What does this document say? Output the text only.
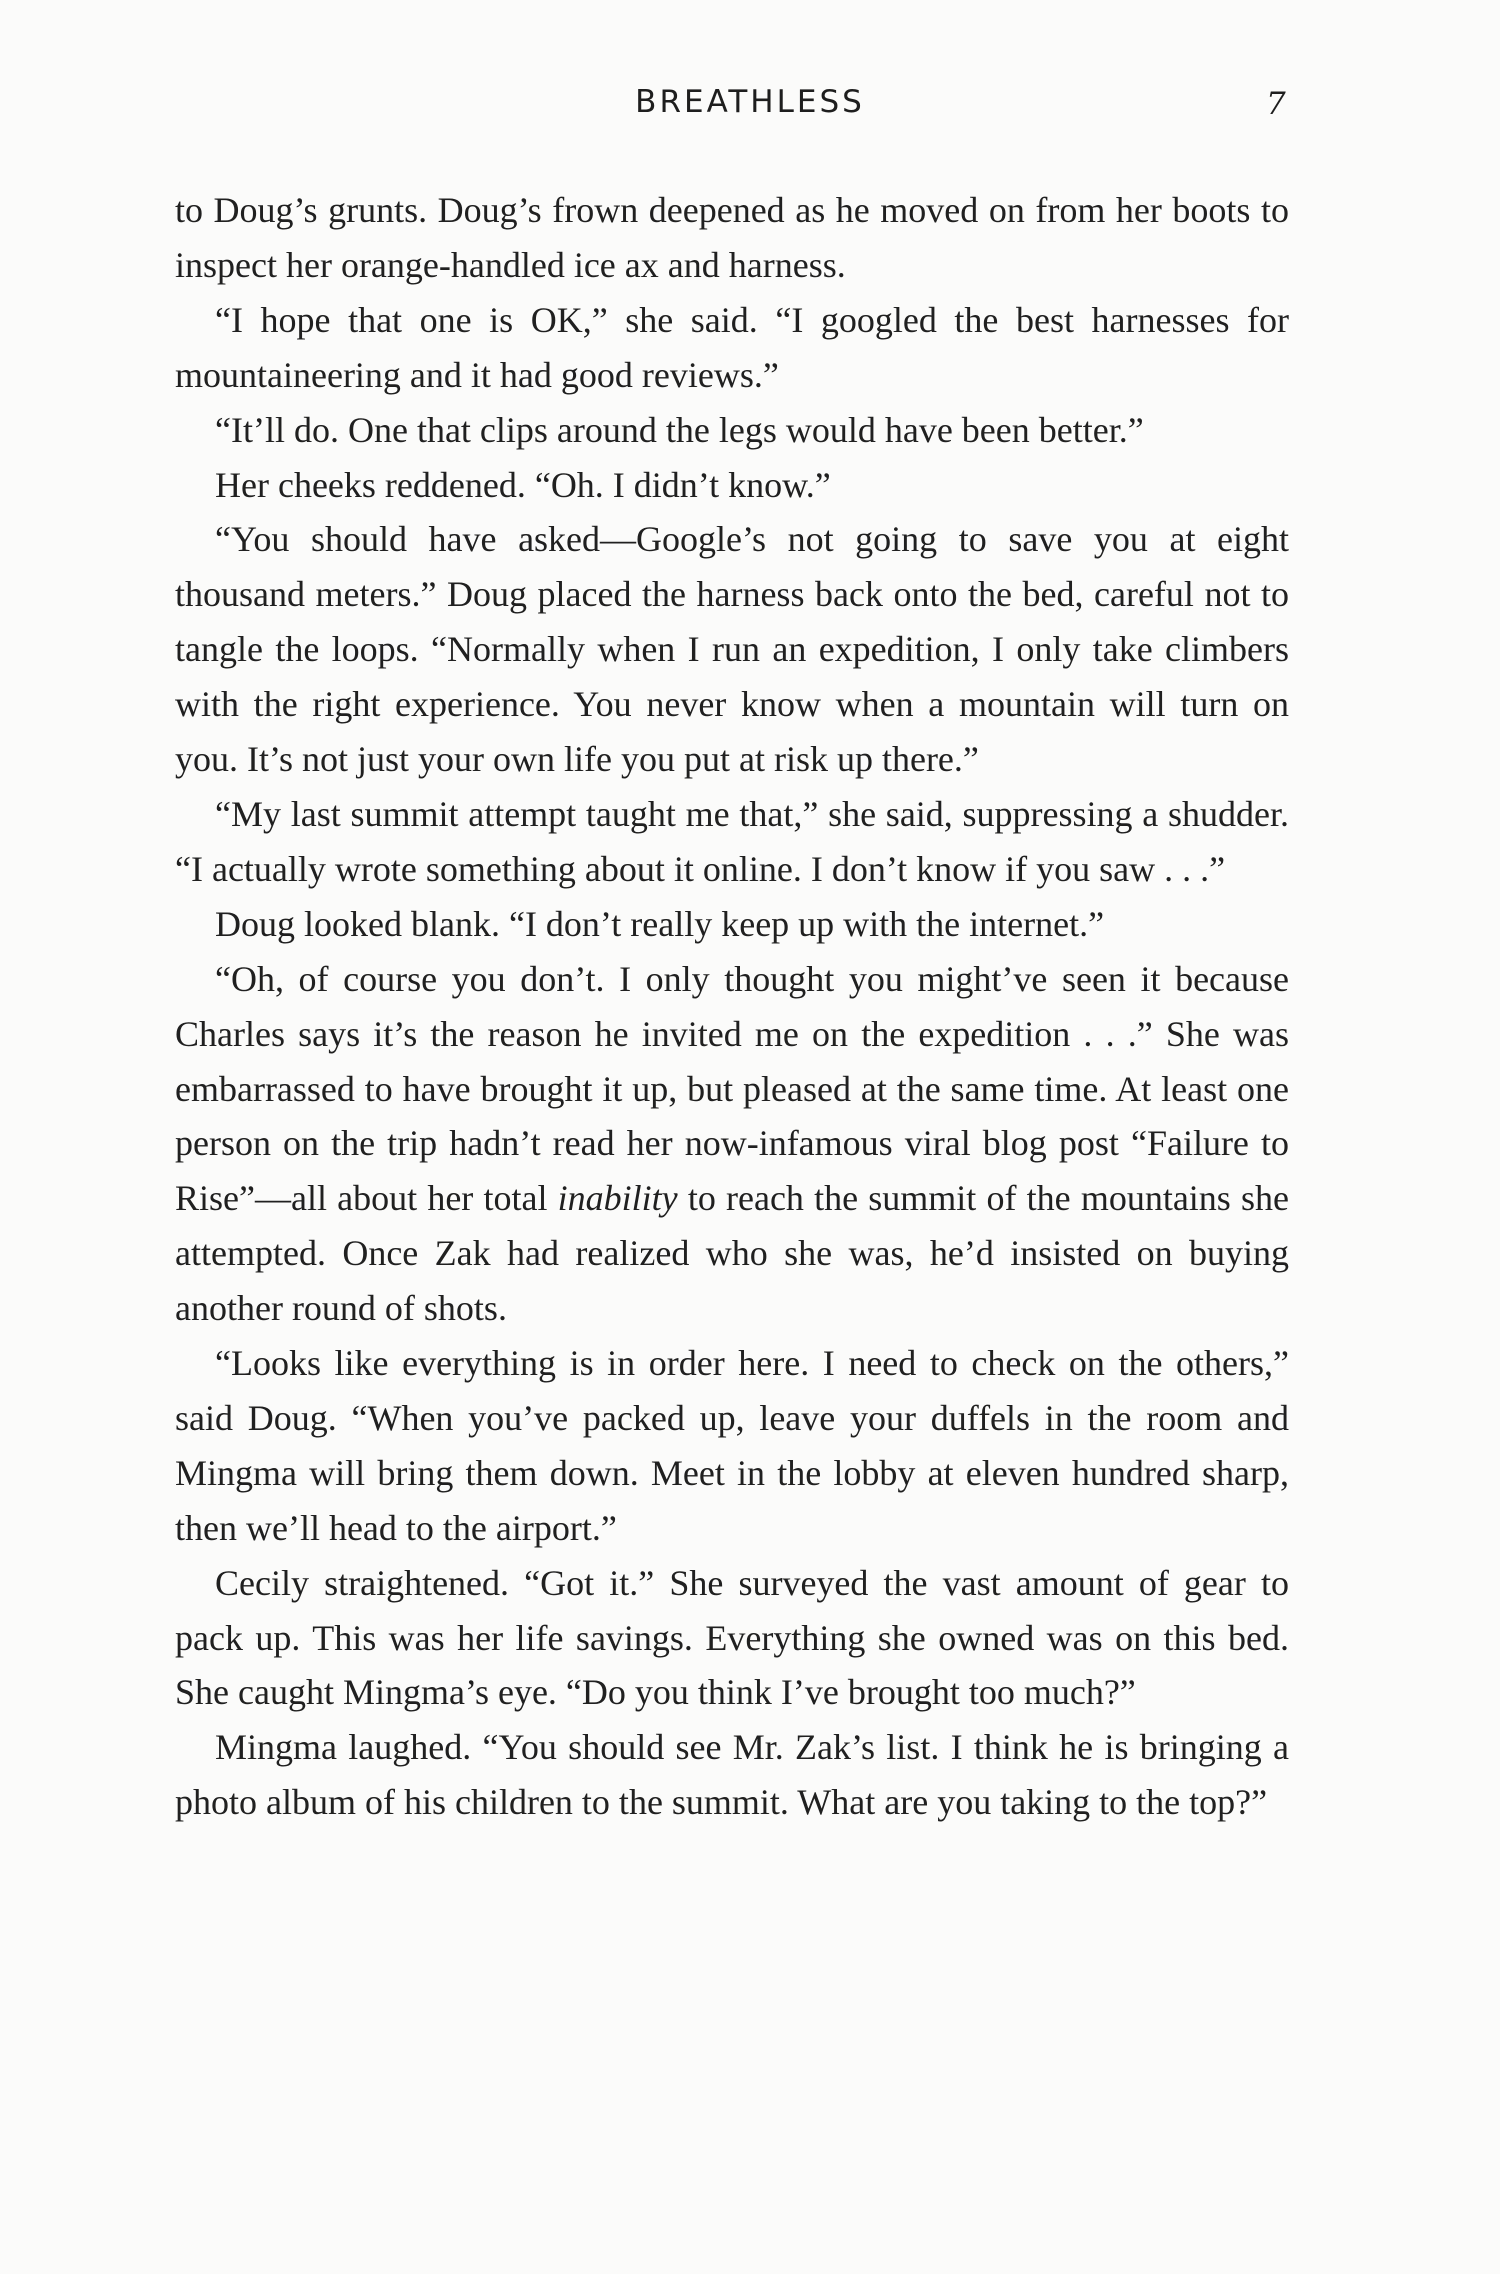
BREATHLESS	7

to Doug’s grunts. Doug’s frown deepened as he moved on from her boots to inspect her orange-handled ice ax and harness.

“I hope that one is OK,” she said. “I googled the best harnesses for mountaineering and it had good reviews.”

“It’ll do. One that clips around the legs would have been better.”

Her cheeks reddened. “Oh. I didn’t know.”

“You should have asked—Google’s not going to save you at eight thousand meters.” Doug placed the harness back onto the bed, careful not to tangle the loops. “Normally when I run an expedition, I only take climbers with the right experience. You never know when a mountain will turn on you. It’s not just your own life you put at risk up there.”

“My last summit attempt taught me that,” she said, suppressing a shudder. “I actually wrote something about it online. I don’t know if you saw . . .”

Doug looked blank. “I don’t really keep up with the internet.”

“Oh, of course you don’t. I only thought you might’ve seen it because Charles says it’s the reason he invited me on the expedition . . .” She was embarrassed to have brought it up, but pleased at the same time. At least one person on the trip hadn’t read her now-infamous viral blog post “Failure to Rise”—all about her total inability to reach the summit of the mountains she attempted. Once Zak had realized who she was, he’d insisted on buying another round of shots.

“Looks like everything is in order here. I need to check on the others,” said Doug. “When you’ve packed up, leave your duffels in the room and Mingma will bring them down. Meet in the lobby at eleven hundred sharp, then we’ll head to the airport.”

Cecily straightened. “Got it.” She surveyed the vast amount of gear to pack up. This was her life savings. Everything she owned was on this bed. She caught Mingma’s eye. “Do you think I’ve brought too much?”

Mingma laughed. “You should see Mr. Zak’s list. I think he is bringing a photo album of his children to the summit. What are you taking to the top?”
